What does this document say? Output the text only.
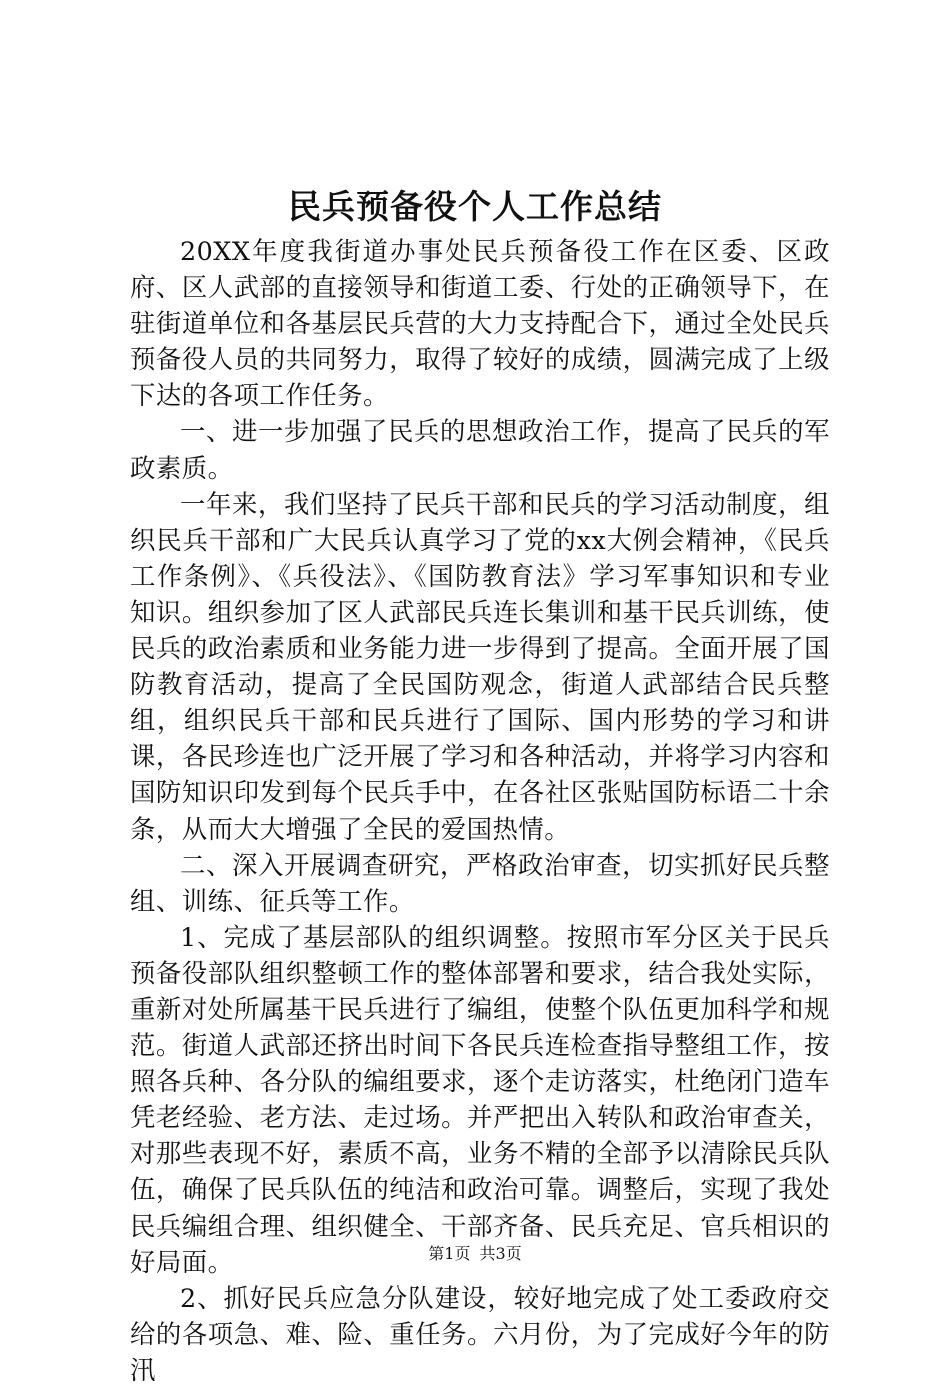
民兵预备役个人工作总结

20XX年度我街道办事处民兵预备役工作在区委、区政府、区人武部的直接领导和街道工委、行处的正确领导下，在驻街道单位和各基层民兵营的大力支持配合下，通过全处民兵预备役人员的共同努力，取得了较好的成绩，圆满完成了上级下达的各项工作任务。

一、进一步加强了民兵的思想政治工作，提高了民兵的军政素质。

一年来，我们坚持了民兵干部和民兵的学习活动制度，组织民兵干部和广大民兵认真学习了党的xx大例会精神，《民兵工作条例》、《兵役法》、《国防教育法》学习军事知识和专业知识。组织参加了区人武部民兵连长集训和基干民兵训练，使民兵的政治素质和业务能力进一步得到了提高。全面开展了国防教育活动，提高了全民国防观念，街道人武部结合民兵整组，组织民兵干部和民兵进行了国际、国内形势的学习和讲课，各民珍连也广泛开展了学习和各种活动，并将学习内容和国防知识印发到每个民兵手中，在各社区张贴国防标语二十余条，从而大大增强了全民的爱国热情。

二、深入开展调查研究，严格政治审查，切实抓好民兵整组、训练、征兵等工作。

1、完成了基层部队的组织调整。按照市军分区关于民兵预备役部队组织整顿工作的整体部署和要求，结合我处实际，重新对处所属基干民兵进行了编组，使整个队伍更加科学和规范。街道人武部还挤出时间下各民兵连检查指导整组工作，按照各兵种、各分队的编组要求，逐个走访落实，杜绝闭门造车凭老经验、老方法、走过场。并严把出入转队和政治审查关，对那些表现不好，素质不高，业务不精的全部予以清除民兵队伍，确保了民兵队伍的纯洁和政治可靠。调整后，实现了我处民兵编组合理、组织健全、干部齐备、民兵充足、官兵相识的好局面。

2、抓好民兵应急分队建设，较好地完成了处工委政府交给的各项急、难、险、重任务。六月份，为了完成好今年的防汛

第1页 共3页
